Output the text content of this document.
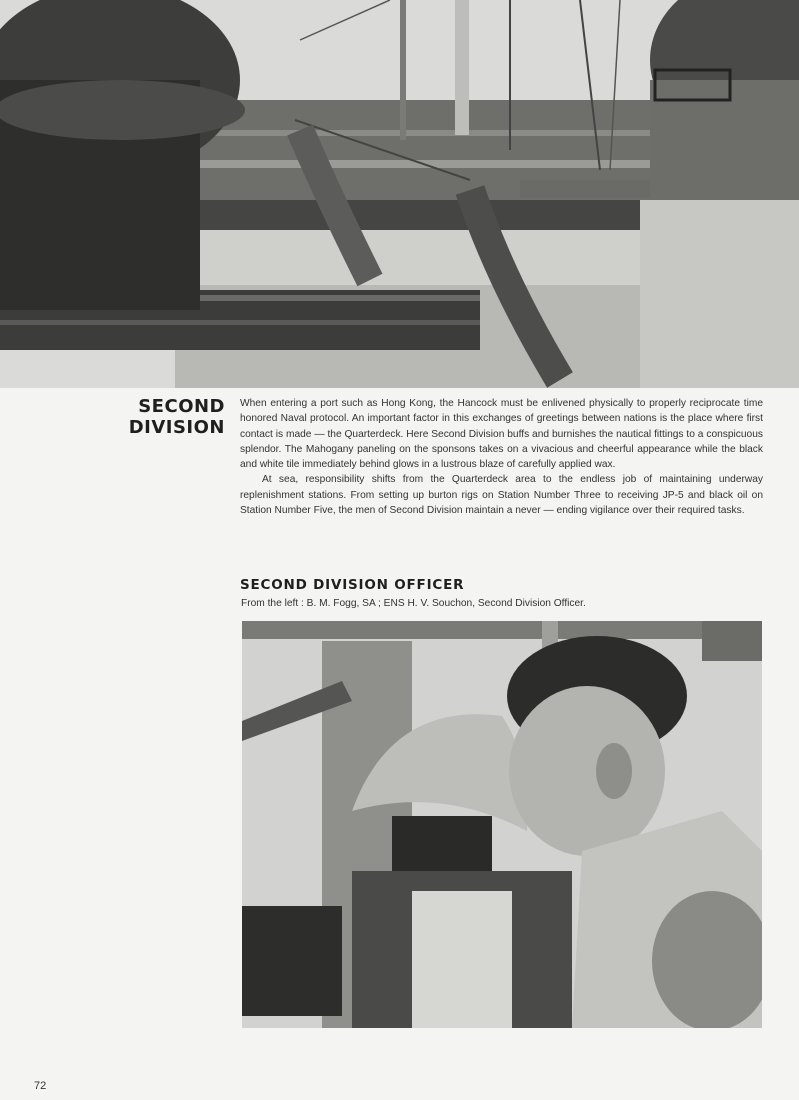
SECOND
DIVISION

When entering a port such as Hong Kong, the Hancock must be enlivened physically to properly reciprocate time honored Naval protocol. An important factor in this exchanges of greetings between nations is the place where first contact is made — the Quarterdeck. Here Second Division buffs and burnishes the nautical fittings to a conspicuous splendor. The Mahogany paneling on the sponsons takes on a vivacious and cheerful appearance while the black and white tile immediately behind glows in a lustrous blaze of carefully applied wax.

At sea, responsibility shifts from the Quarterdeck area to the endless job of maintaining underway replenishment stations. From setting up burton rigs on Station Number Three to receiving JP-5 and black oil on Station Number Five, the men of Second Division maintain a never — ending vigilance over their required tasks.

SECOND DIVISION OFFICER
From the left : B. M. Fogg, SA ; ENS H. V. Souchon, Second Division Officer.
72
